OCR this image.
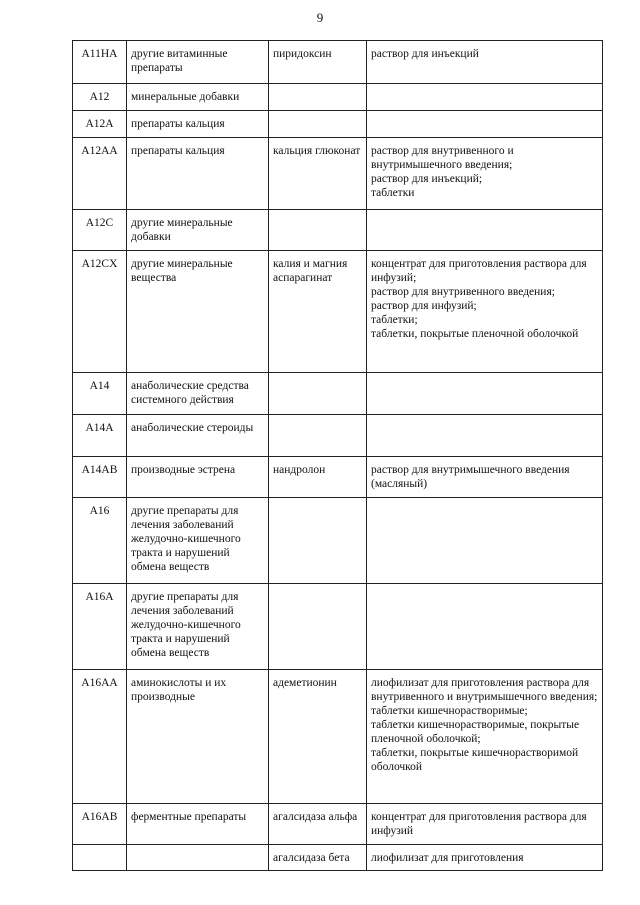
9
A11HA	другие витаминные препараты	пиридоксин	раствор для инъекций

A12	минеральные добавки		
A12A	препараты кальция		
A12AA	препараты кальция	кальция глюконат	раствор для внутривенного и внутримышечного введения;
раствор для инъекций;
таблетки

A12C	другие минеральные добавки		
A12CX	другие минеральные вещества	калия и магния аспарагинат	концентрат для приготовления раствора для инфузий;
раствор для внутривенного введения;
раствор для инфузий;
таблетки;
таблетки, покрытые пленочной оболочкой

A14	анаболические средства системного действия		
A14A	анаболические стероиды		
A14AB	производные эстрена	нандролон	раствор для внутримышечного введения (масляный)

A16	другие препараты для лечения заболеваний желудочно-кишечного тракта и нарушений обмена веществ		
A16A	другие препараты для лечения заболеваний желудочно-кишечного тракта и нарушений обмена веществ		
A16AA	аминокислоты и их производные	адеметионин	лиофилизат для приготовления раствора для внутривенного и внутримышечного введения;
таблетки кишечнорастворимые;
таблетки кишечнорастворимые, покрытые пленочной оболочкой;
таблетки, покрытые кишечнорастворимой оболочкой

A16AB	ферментные препараты	агалсидаза альфа	концентрат для приготовления раствора для инфузий

		агалсидаза бета	лиофилизат для приготовления
